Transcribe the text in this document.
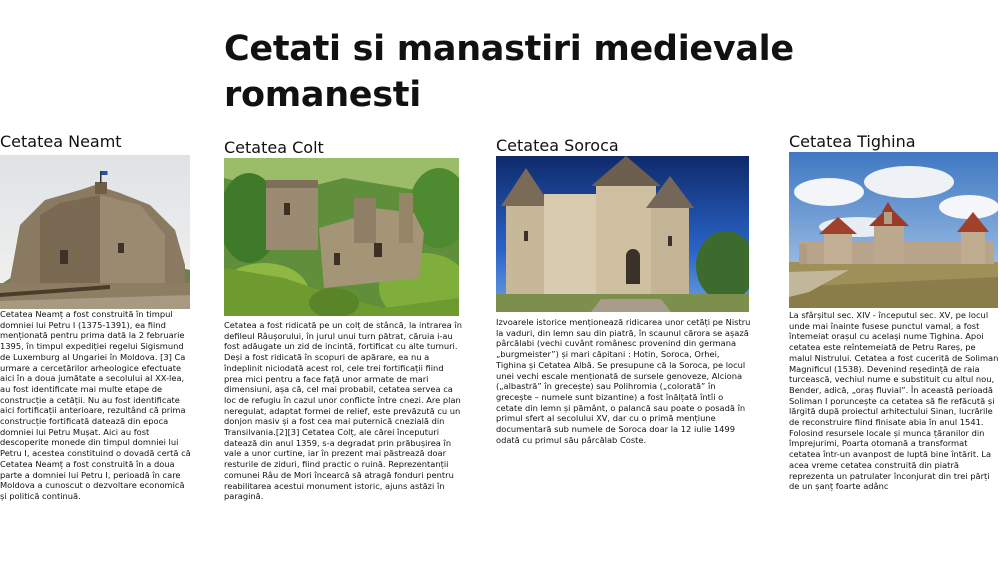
Cetati si manastiri medievale romanesti
Cetatea Neamt

Cetatea Neamț a fost construită în timpul domniei lui Petru I (1375-1391), ea fiind menționată pentru prima dată la 2 februarie 1395, în timpul expediției regelui Sigismund de Luxemburg al Ungariei în Moldova. [3] Ca urmare a cercetărilor arheologice efectuate aici în a doua jumătate a secolului al XX-lea, au fost identificate mai multe etape de construcție a cetății. Nu au fost identificate aici fortificații anterioare, rezultând că prima construcție fortificată datează din epoca domniei lui Petru Mușat. Aici au fost descoperite monede din timpul domniei lui Petru I, acestea constituind o dovadă certă că Cetatea Neamț a fost construită în a doua parte a domniei lui Petru I, perioadă în care Moldova a cunoscut o dezvoltare economică și politică continuă.

Cetatea Colt

Cetatea a fost ridicată pe un colț de stâncă, la intrarea în defileul Râușorului, în jurul unui turn pătrat, căruia i-au fost adăugate un zid de incintă, fortificat cu alte turnuri. Deși a fost ridicată în scopuri de apărare, ea nu a îndeplinit niciodată acest rol, cele trei fortificații fiind prea mici pentru a face față unor armate de mari dimensiuni, așa că, cel mai probabil, cetatea servea ca loc de refugiu în cazul unor conflicte între cnezi. Are plan neregulat, adaptat formei de relief, este prevăzută cu un donjon masiv și a fost cea mai puternică cnezială din Transilvania.[2][3] Cetatea Colț, ale cărei începuturi datează din anul 1359, s-a degradat prin prăbușirea în vale a unor curtine, iar în prezent mai păstrează doar resturile de ziduri, fiind practic o ruină. Reprezentanții comunei Râu de Mori încearcă să atragă fonduri pentru reabilitarea acestui monument istoric, ajuns astăzi în paragină.

Cetatea Soroca

Izvoarele istorice menționează ridicarea unor cetăți pe Nistru la vaduri, din lemn sau din piatră, în scaunul cărora se așază pârcălabi (vechi cuvânt românesc provenind din germana „burgmeister”) și mari căpitani : Hotin, Soroca, Orhei, Tighina și Cetatea Albă. Se presupune că la Soroca, pe locul unei vechi escale menționată de sursele genoveze, Alciona („albastră” în grecește) sau Polihromia („colorată” în grecește – numele sunt bizantine) a fost înălțată întîi o cetate din lemn și pământ, o palancă sau poate o posadă în primul sfert al secolului XV, dar cu o primă mențiune documentară sub numele de Soroca doar la 12 iulie 1499 odată cu primul său pârcălab Coste.

Cetatea Tighina

La sfârșitul sec. XIV - începutul sec. XV, pe locul unde mai înainte fusese punctul vamal, a fost întemeiat orașul cu același nume Tighina. Apoi cetatea este reîntemeiată de Petru Rareș, pe malul Nistrului. Cetatea a fost cucerită de Soliman Magnificul (1538). Devenind reședință de raia turcească, vechiul nume e substituit cu altul nou, Bender, adică, „oraș fluvial”. În această perioadă Soliman I poruncește ca cetatea să fie refăcută și lărgită după proiectul arhitectului Sinan, lucrările de reconstruire fiind finisate abia în anul 1541. Folosind resursele locale și munca țăranilor din împrejurimi, Poarta otomană a transformat cetatea într-un avanpost de luptă bine întărit. La acea vreme cetatea construită din piatră reprezenta un patrulater înconjurat din trei părți de un șanț foarte adânc
